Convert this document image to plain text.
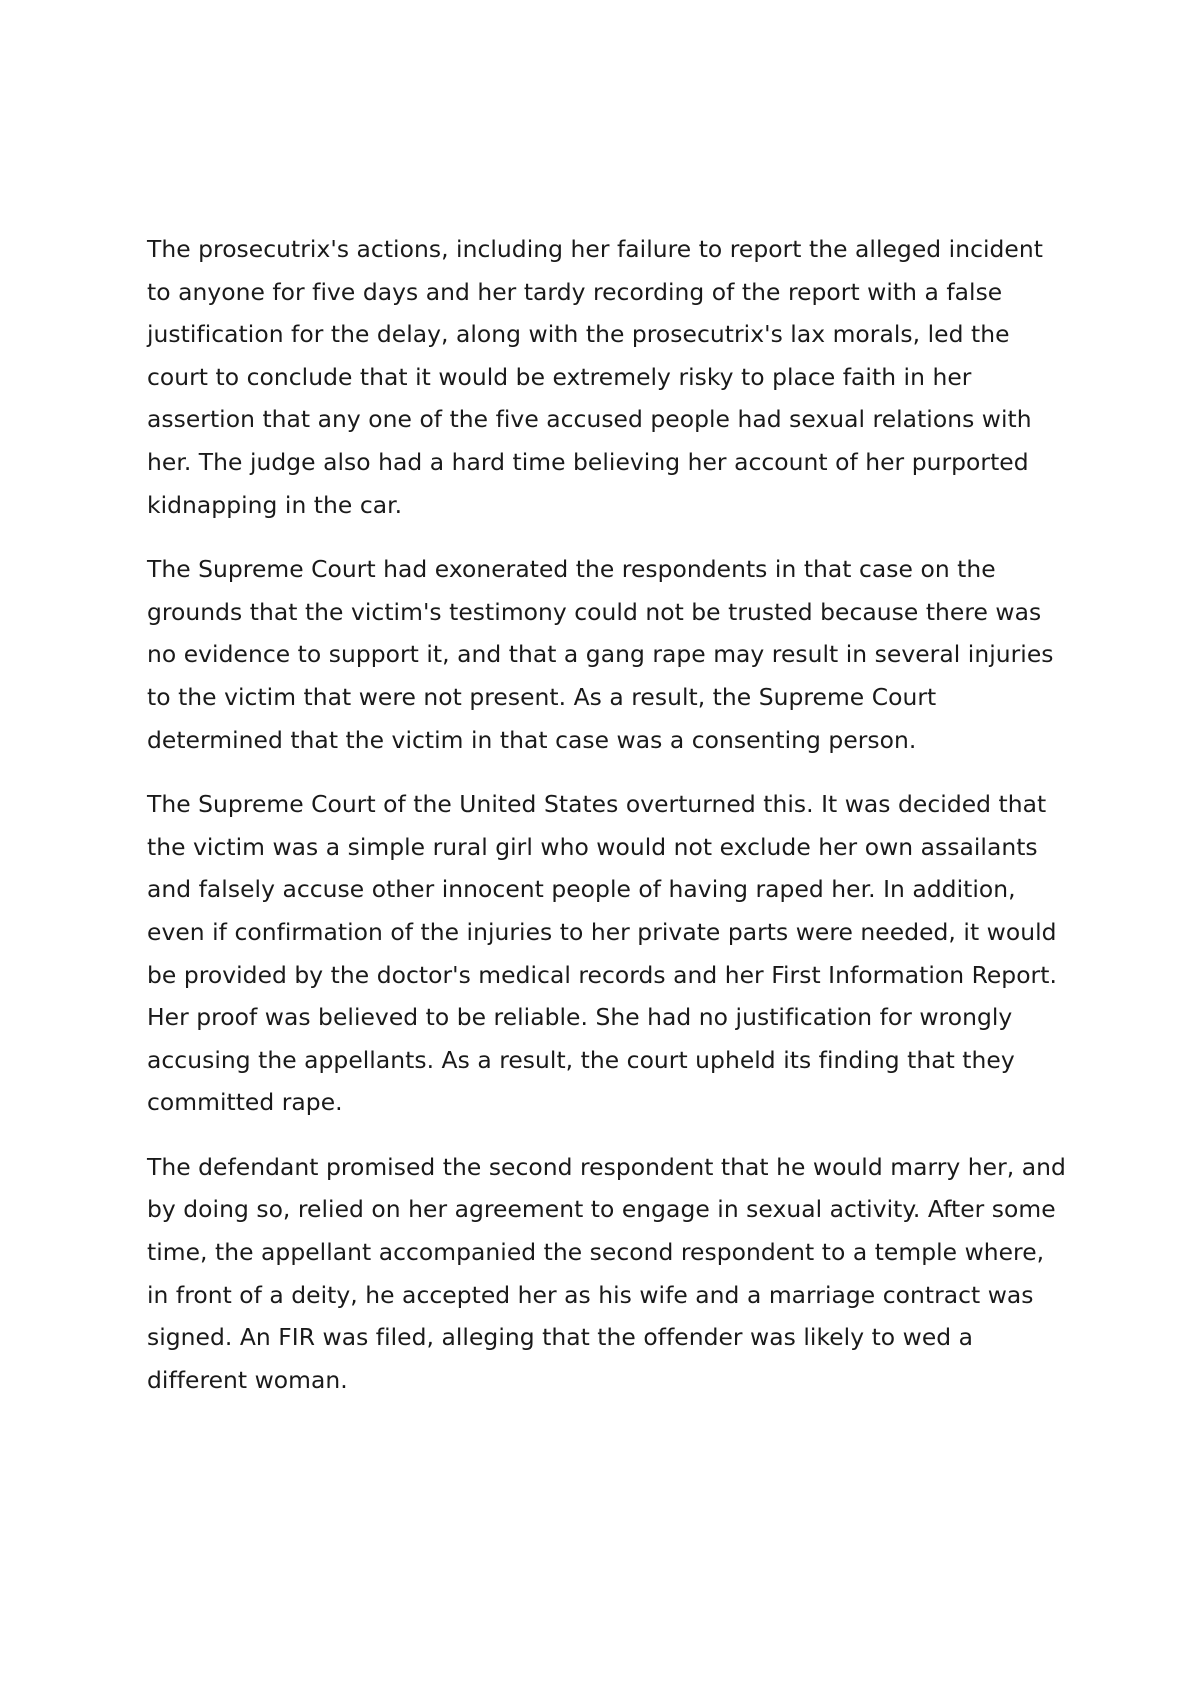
The prosecutrix's actions, including her failure to report the alleged incident to anyone for five days and her tardy recording of the report with a false justification for the delay, along with the prosecutrix's lax morals, led the court to conclude that it would be extremely risky to place faith in her assertion that any one of the five accused people had sexual relations with her. The judge also had a hard time believing her account of her purported kidnapping in the car.

The Supreme Court had exonerated the respondents in that case on the grounds that the victim's testimony could not be trusted because there was no evidence to support it, and that a gang rape may result in several injuries to the victim that were not present. As a result, the Supreme Court determined that the victim in that case was a consenting person.

The Supreme Court of the United States overturned this. It was decided that the victim was a simple rural girl who would not exclude her own assailants and falsely accuse other innocent people of having raped her. In addition, even if confirmation of the injuries to her private parts were needed, it would be provided by the doctor's medical records and her First Information Report. Her proof was believed to be reliable. She had no justification for wrongly accusing the appellants. As a result, the court upheld its finding that they committed rape.

The defendant promised the second respondent that he would marry her, and by doing so, relied on her agreement to engage in sexual activity. After some time, the appellant accompanied the second respondent to a temple where, in front of a deity, he accepted her as his wife and a marriage contract was signed. An FIR was filed, alleging that the offender was likely to wed a different woman.
